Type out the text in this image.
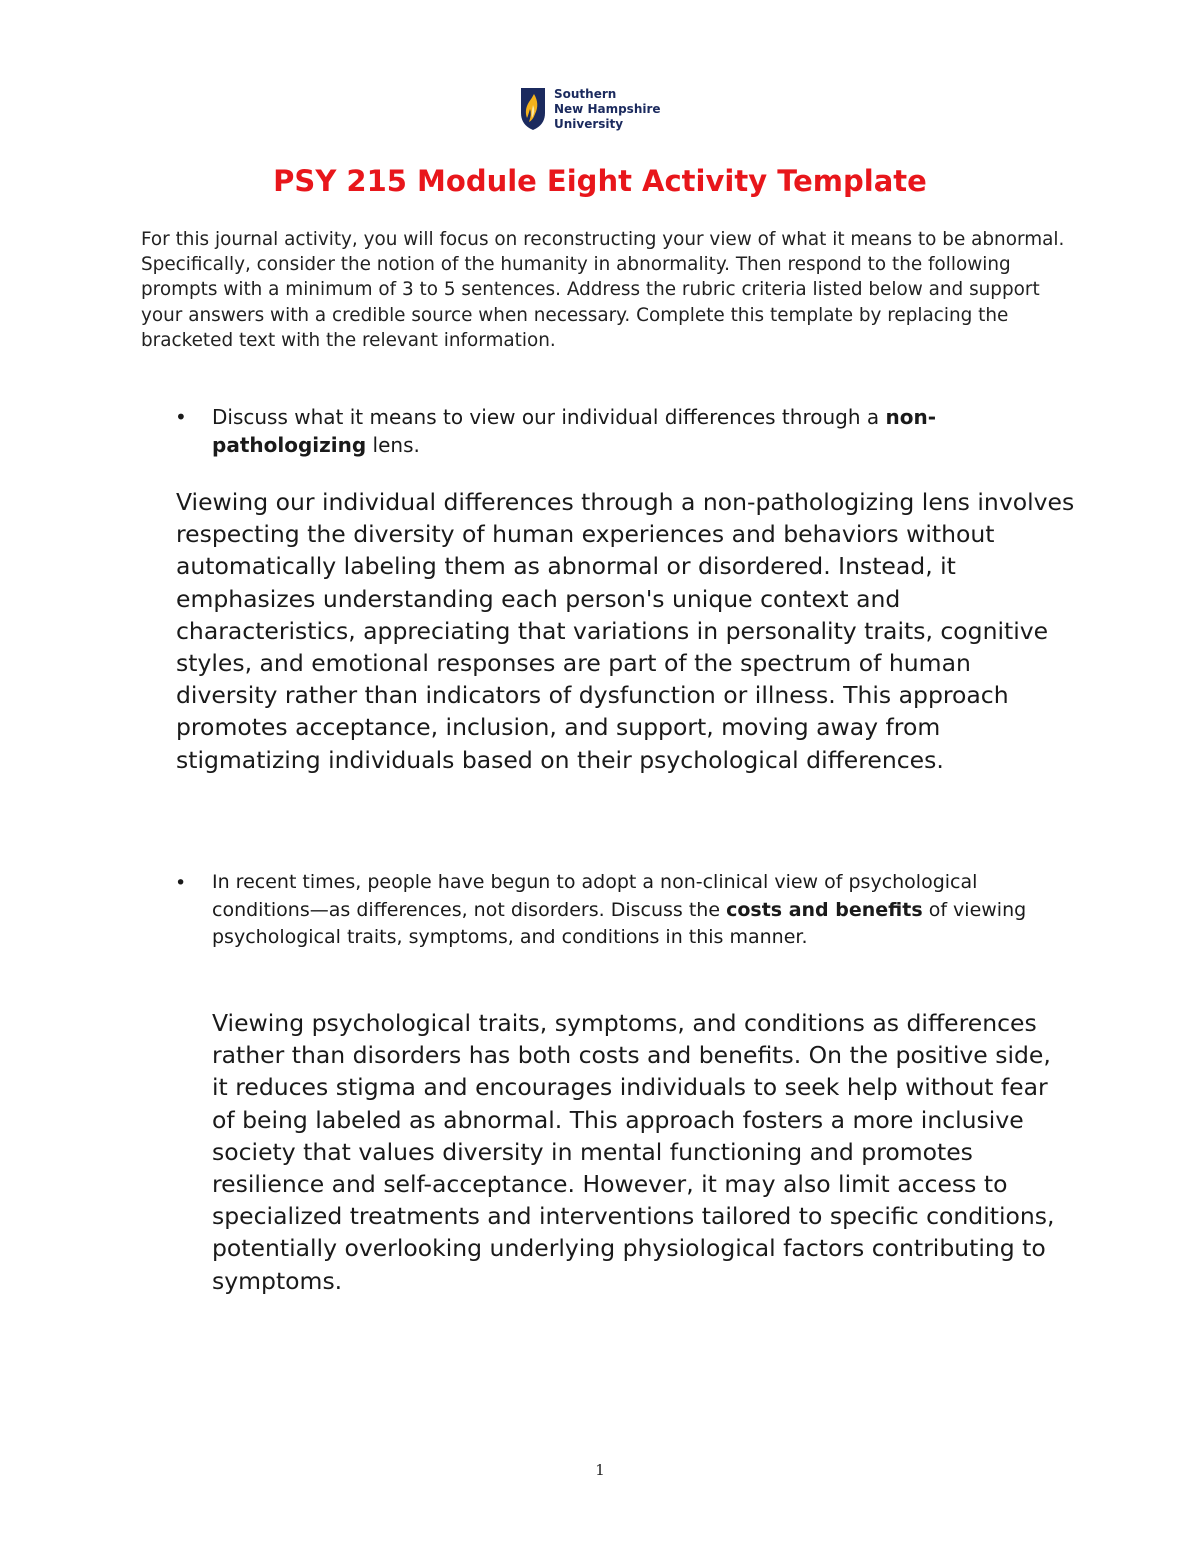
Southern
New Hampshire
University
PSY 215 Module Eight Activity Template

For this journal activity, you will focus on reconstructing your view of what it means to be abnormal. Specifically, consider the notion of the humanity in abnormality. Then respond to the following prompts with a minimum of 3 to 5 sentences. Address the rubric criteria listed below and support your answers with a credible source when necessary. Complete this template by replacing the bracketed text with the relevant information.

• Discuss what it means to view our individual differences through a non-pathologizing lens.

Viewing our individual differences through a non-pathologizing lens involves respecting the diversity of human experiences and behaviors without automatically labeling them as abnormal or disordered. Instead, it emphasizes understanding each person's unique context and characteristics, appreciating that variations in personality traits, cognitive styles, and emotional responses are part of the spectrum of human diversity rather than indicators of dysfunction or illness. This approach promotes acceptance, inclusion, and support, moving away from stigmatizing individuals based on their psychological differences.

• In recent times, people have begun to adopt a non-clinical view of psychological conditions—as differences, not disorders. Discuss the costs and benefits of viewing psychological traits, symptoms, and conditions in this manner.

Viewing psychological traits, symptoms, and conditions as differences rather than disorders has both costs and benefits. On the positive side, it reduces stigma and encourages individuals to seek help without fear of being labeled as abnormal. This approach fosters a more inclusive society that values diversity in mental functioning and promotes resilience and self-acceptance. However, it may also limit access to specialized treatments and interventions tailored to specific conditions, potentially overlooking underlying physiological factors contributing to symptoms.

1
